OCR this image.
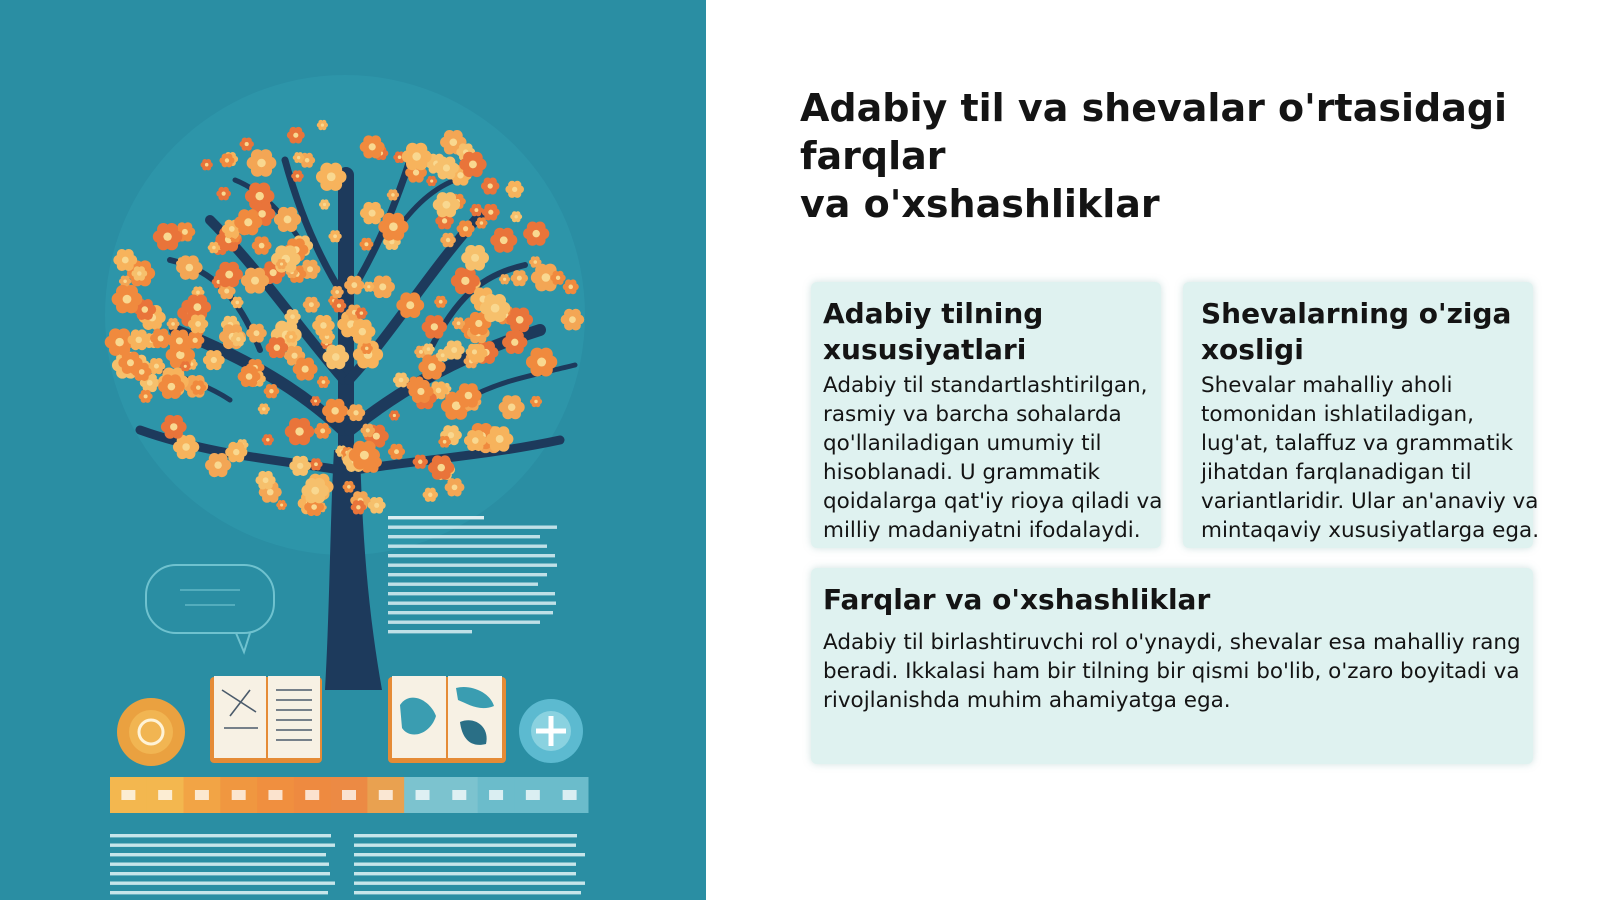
Adabiy til va shevalar o'rtasidagi farqlar
va o'xshashliklar
Adabiy tilning xususiyatlari

Adabiy til standartlashtirilgan, rasmiy va barcha sohalarda qo'llaniladigan umumiy til hisoblanadi. U grammatik qoidalarga qat'iy rioya qiladi va milliy madaniyatni ifodalaydi.

Shevalarning o'ziga xosligi

Shevalar mahalliy aholi tomonidan ishlatiladigan, lug'at, talaffuz va grammatik jihatdan farqlanadigan til variantlaridir. Ular an'anaviy va mintaqaviy xususiyatlarga ega.

Farqlar va o'xshashliklar

Adabiy til birlashtiruvchi rol o'ynaydi, shevalar esa mahalliy rang beradi. Ikkalasi ham bir tilning bir qismi bo'lib, o'zaro boyitadi va rivojlanishda muhim ahamiyatga ega.
